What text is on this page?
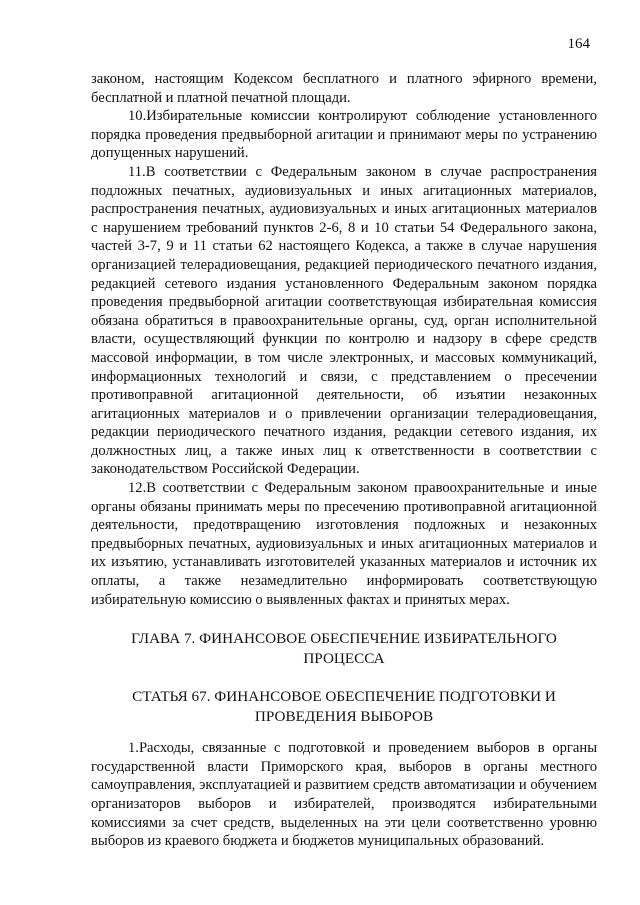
164

законом, настоящим Кодексом бесплатного и платного эфирного времени, бесплатной и платной печатной площади.

10.Избирательные комиссии контролируют соблюдение установленного порядка проведения предвыборной агитации и принимают меры по устранению допущенных нарушений.

11.В соответствии с Федеральным законом в случае распространения подложных печатных, аудиовизуальных и иных агитационных материалов, распространения печатных, аудиовизуальных и иных агитационных материалов с нарушением требований пунктов 2-6, 8 и 10 статьи 54 Федерального закона, частей 3-7, 9 и 11 статьи 62 настоящего Кодекса, а также в случае нарушения организацией телерадиовещания, редакцией периодического печатного издания, редакцией сетевого издания установленного Федеральным законом порядка проведения предвыборной агитации соответствующая избирательная комиссия обязана обратиться в правоохранительные органы, суд, орган исполнительной власти, осуществляющий функции по контролю и надзору в сфере средств массовой информации, в том числе электронных, и массовых коммуникаций, информационных технологий и связи, с представлением о пресечении противоправной агитационной деятельности, об изъятии незаконных агитационных материалов и о привлечении организации телерадиовещания, редакции периодического печатного издания, редакции сетевого издания, их должностных лиц, а также иных лиц к ответственности в соответствии с законодательством Российской Федерации.

12.В соответствии с Федеральным законом правоохранительные и иные органы обязаны принимать меры по пресечению противоправной агитационной деятельности, предотвращению изготовления подложных и незаконных предвыборных печатных, аудиовизуальных и иных агитационных материалов и их изъятию, устанавливать изготовителей указанных материалов и источник их оплаты, а также незамедлительно информировать соответствующую избирательную комиссию о выявленных фактах и принятых мерах.

ГЛАВА 7. ФИНАНСОВОЕ ОБЕСПЕЧЕНИЕ ИЗБИРАТЕЛЬНОГО

ПРОЦЕССА

СТАТЬЯ 67. ФИНАНСОВОЕ ОБЕСПЕЧЕНИЕ ПОДГОТОВКИ И

ПРОВЕДЕНИЯ ВЫБОРОВ

1.Расходы, связанные с подготовкой и проведением выборов в органы государственной власти Приморского края, выборов в органы местного самоуправления, эксплуатацией и развитием средств автоматизации и обучением организаторов выборов и избирателей, производятся избирательными комиссиями за счет средств, выделенных на эти цели соответственно уровню выборов из краевого бюджета и бюджетов муниципальных образований.
